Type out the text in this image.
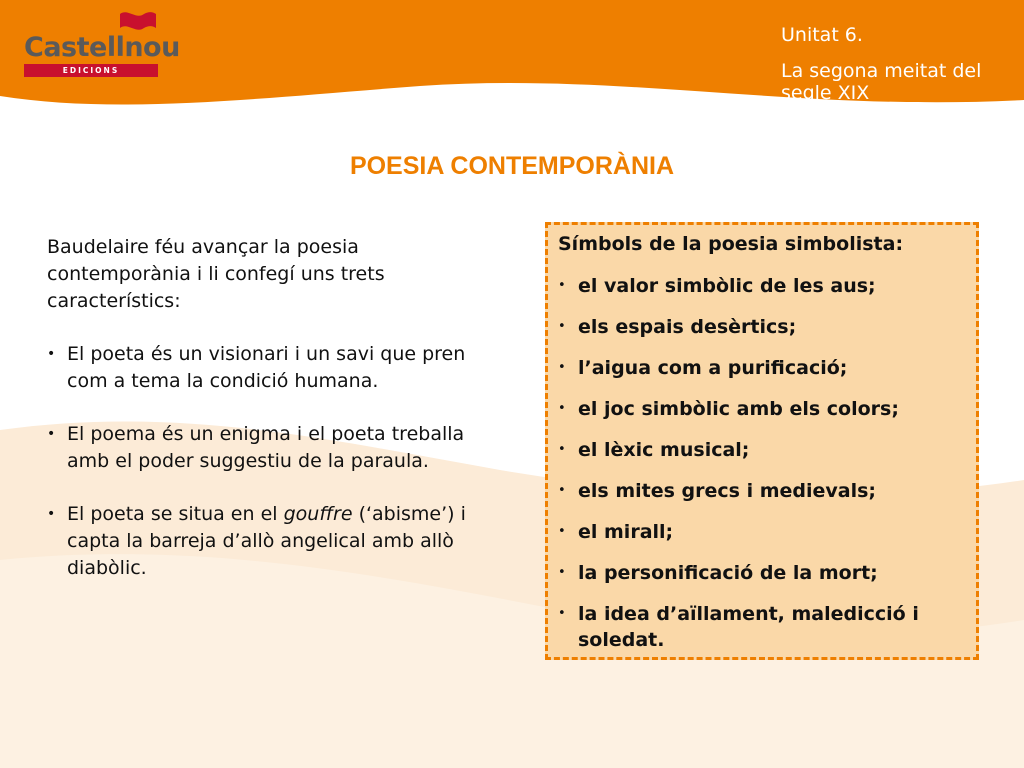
Castellnou
EDICIONS
Unitat 6.
La segona meitat del segle XIX
POESIA CONTEMPORÀNIA

Baudelaire féu avançar la poesia contemporània i li confegí uns trets característics:

• El poeta és un visionari i un savi que pren com a tema la condició humana.
• El poema és un enigma i el poeta treballa amb el poder suggestiu de la paraula.
• El poeta se situa en el gouffre (‘abisme’) i capta la barreja d’allò angelical amb allò diabòlic.
Símbols de la poesia simbolista:
• el valor simbòlic de les aus;
• els espais desèrtics;
• l’aigua com a purificació;
• el joc simbòlic amb els colors;
• el lèxic musical;
• els mites grecs i medievals;
• el mirall;
• la personificació de la mort;
• la idea d’aïllament, maledicció i soledat.
